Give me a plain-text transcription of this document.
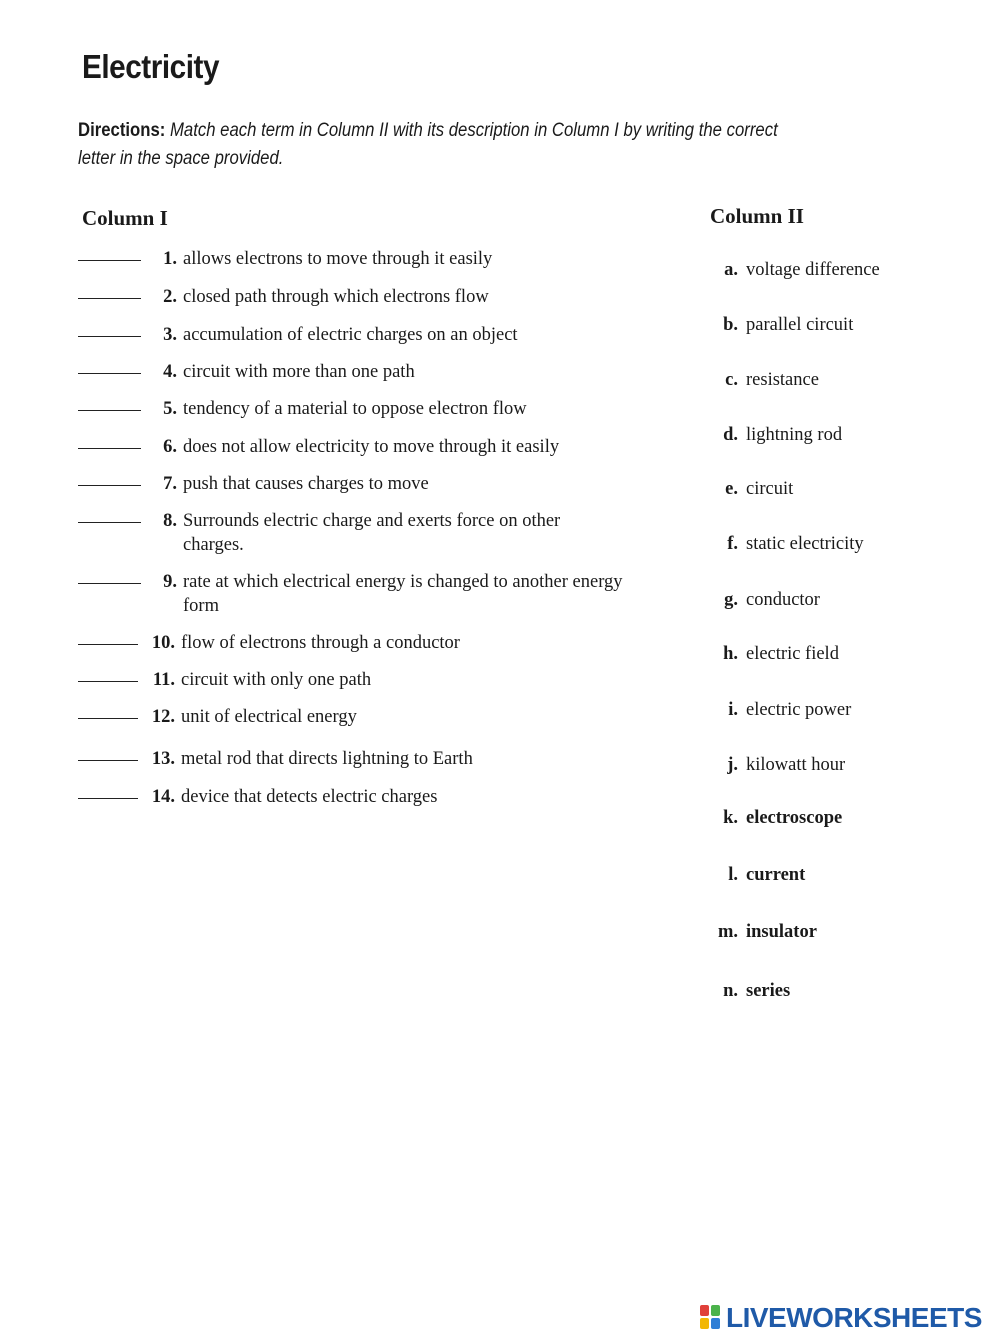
Electricity
Directions: Match each term in Column II with its description in Column I by writing the correct letter in the space provided.
Column I	Column II
1. allows electrons to move through it easily
2. closed path through which electrons flow
3. accumulation of electric charges on an object
4. circuit with more than one path
5. tendency of a material to oppose electron flow
6. does not allow electricity to move through it easily
7. push that causes charges to move
8. Surrounds electric charge and exerts force on other charges.
9. rate at which electrical energy is changed to another energy form
10. flow of electrons through a conductor
11. circuit with only one path
12. unit of electrical energy
13. metal rod that directs lightning to Earth
14. device that detects electric charges
a. voltage difference
b. parallel circuit
c. resistance
d. lightning rod
e. circuit
f. static electricity
g. conductor
h. electric field
i. electric power
j. kilowatt hour
k. electroscope
l. current
m. insulator
n. series
LIVEWORKSHEETS
